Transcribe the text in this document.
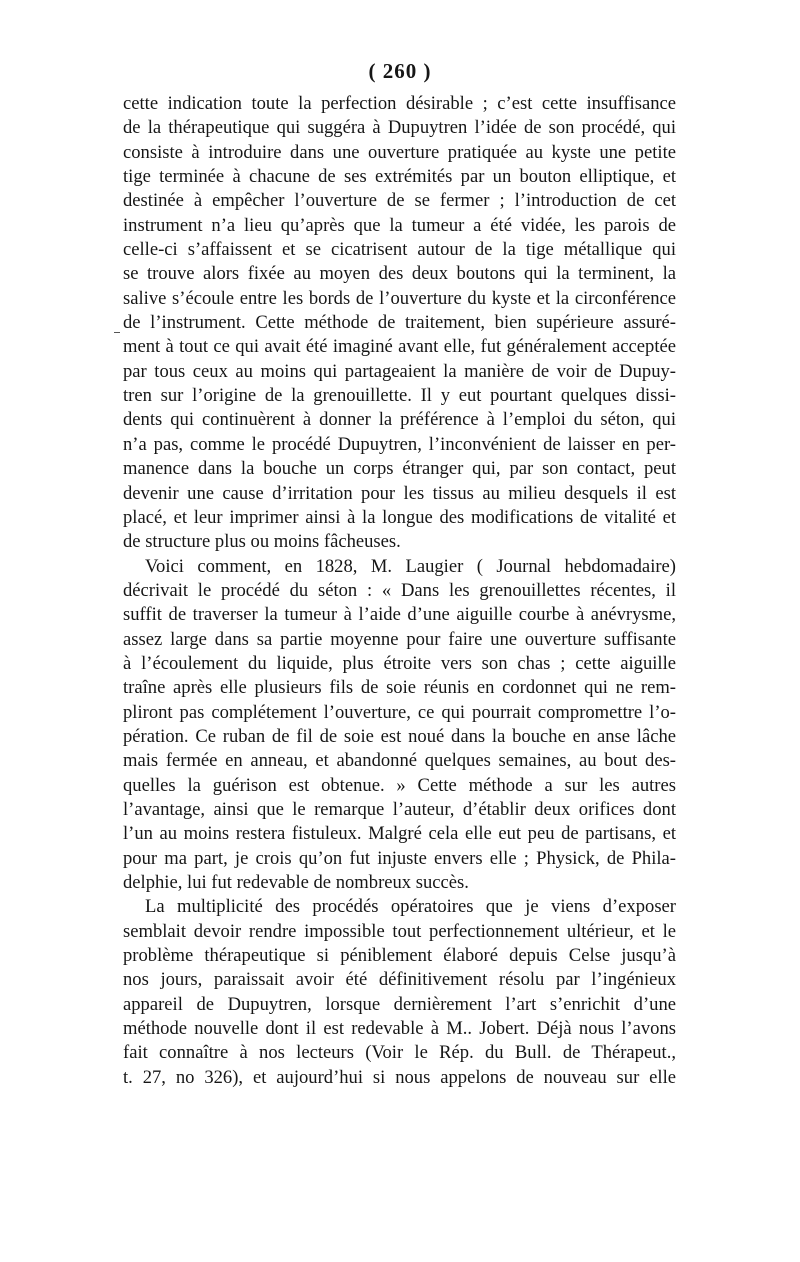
( 260 )
cette indication toute la perfection désirable ; c’est cette insuffisance
de la thérapeutique qui suggéra à Dupuytren l’idée de son procédé, qui
consiste à introduire dans une ouverture pratiquée au kyste une petite
tige terminée à chacune de ses extrémités par un bouton elliptique, et
destinée à empêcher l’ouverture de se fermer ; l’introduction de cet
instrument n’a lieu qu’après que la tumeur a été vidée, les parois de
celle-ci s’affaissent et se cicatrisent autour de la tige métallique qui
se trouve alors fixée au moyen des deux boutons qui la terminent, la
salive s’écoule entre les bords de l’ouverture du kyste et la circonférence
de l’instrument. Cette méthode de traitement, bien supérieure assuré-
ment à tout ce qui avait été imaginé avant elle, fut généralement acceptée
par tous ceux au moins qui partageaient la manière de voir de Dupuy-
tren sur l’origine de la grenouillette. Il y eut pourtant quelques dissi-
dents qui continuèrent à donner la préférence à l’emploi du séton, qui
n’a pas, comme le procédé Dupuytren, l’inconvénient de laisser en per-
manence dans la bouche un corps étranger qui, par son contact, peut
devenir une cause d’irritation pour les tissus au milieu desquels il est
placé, et leur imprimer ainsi à la longue des modifications de vitalité et
de structure plus ou moins fâcheuses.
Voici comment, en 1828, M. Laugier ( Journal hebdomadaire)
décrivait le procédé du séton : « Dans les grenouillettes récentes, il
suffit de traverser la tumeur à l’aide d’une aiguille courbe à anévrysme,
assez large dans sa partie moyenne pour faire une ouverture suffisante
à l’écoulement du liquide, plus étroite vers son chas ; cette aiguille
traîne après elle plusieurs fils de soie réunis en cordonnet qui ne rem-
pliront pas complétement l’ouverture, ce qui pourrait compromettre l’o-
pération. Ce ruban de fil de soie est noué dans la bouche en anse lâche
mais fermée en anneau, et abandonné quelques semaines, au bout des-
quelles la guérison est obtenue. » Cette méthode a sur les autres
l’avantage, ainsi que le remarque l’auteur, d’établir deux orifices dont
l’un au moins restera fistuleux. Malgré cela elle eut peu de partisans, et
pour ma part, je crois qu’on fut injuste envers elle ; Physick, de Phila-
delphie, lui fut redevable de nombreux succès.
La multiplicité des procédés opératoires que je viens d’exposer
semblait devoir rendre impossible tout perfectionnement ultérieur, et le
problème thérapeutique si péniblement élaboré depuis Celse jusqu’à
nos jours, paraissait avoir été définitivement résolu par l’ingénieux
appareil de Dupuytren, lorsque dernièrement l’art s’enrichit d’une
méthode nouvelle dont il est redevable à M.. Jobert. Déjà nous l’avons
fait connaître à nos lecteurs (Voir le Rép. du Bull. de Thérapeut.,
t. 27, no 326), et aujourd’hui si nous appelons de nouveau sur elle
